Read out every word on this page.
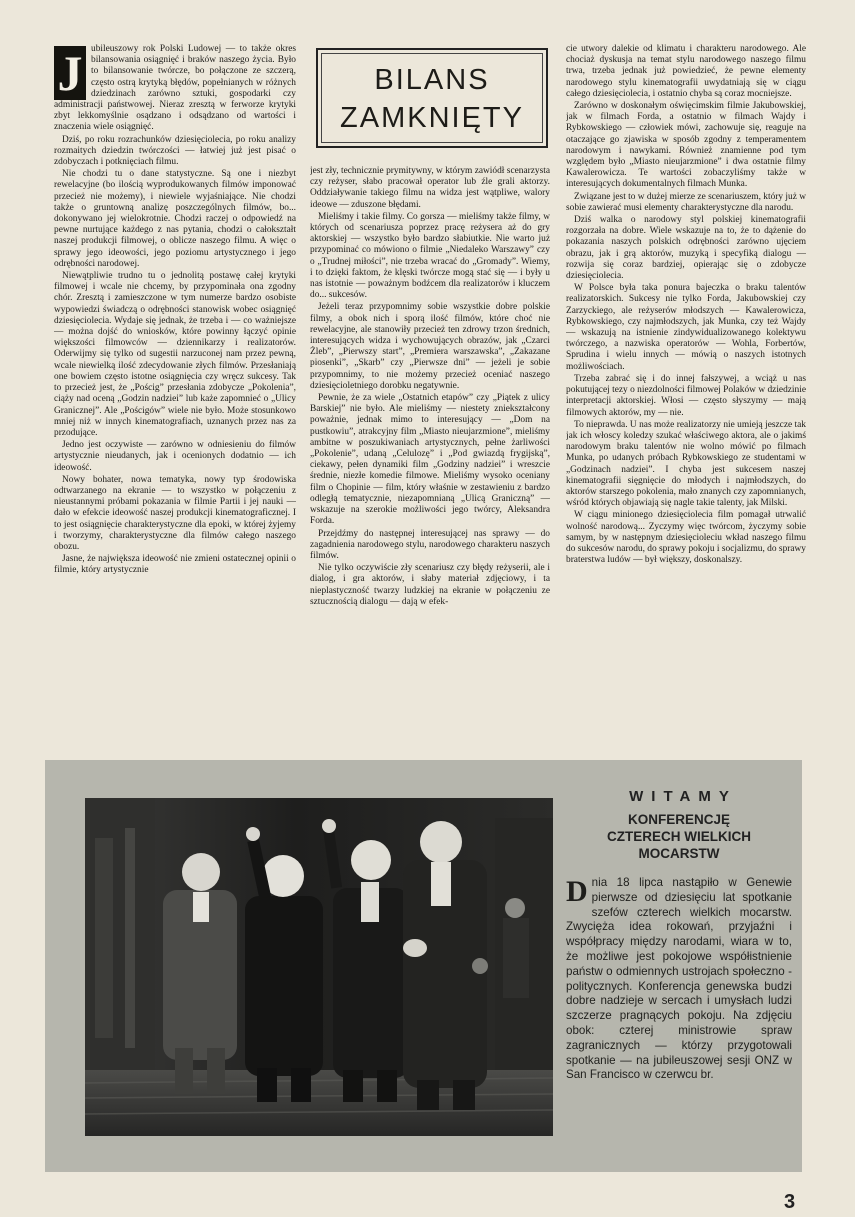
J ubileuszowy rok Polski Ludowej — to także okres bilansowania osiągnięć i braków naszego życia. Było to bilansowanie twórcze, bo połączone ze szczerą, często ostrą krytyką błędów, popełnianych w różnych dziedzinach zarówno sztuki, gospodarki czy administracji państwowej. Nieraz zresztą w ferworze krytyki zbyt lekkomyślnie osądzano i odsądzano od wartości i znaczenia wiele osiągnięć.

Dziś, po roku rozrachunków dziesięciolecia, po roku analizy rozmaitych dziedzin twórczości — łatwiej już jest pisać o zdobyczach i potknięciach filmu.

Nie chodzi tu o dane statystyczne. Są one i niezbyt rewelacyjne (bo ilością wyprodukowanych filmów imponować przecież nie możemy), i niewiele wyjaśniające. Nie chodzi także o gruntowną analizę poszczególnych filmów, bo... dokonywano jej wielokrotnie. Chodzi raczej o odpowiedź na pewne nurtujące każdego z nas pytania, chodzi o całokształt naszej produkcji filmowej, o oblicze naszego filmu. A więc o sprawy jego ideowości, jego poziomu artystycznego i jego odrębności narodowej.

Niewątpliwie trudno tu o jednolitą postawę całej krytyki filmowej i wcale nie chcemy, by przypominała ona zgodny chór. Zresztą i zamieszczone w tym numerze bardzo osobiste wypowiedzi świadczą o odrębności stanowisk wobec osiągnięć dziesięciolecia. Wydaje się jednak, że trzeba i — co ważniejsze — można dojść do wniosków, które powinny łączyć opinie większości filmowców — dziennikarzy i realizatorów. Oderwijmy się tylko od sugestii narzuconej nam przez pewną, wcale niewielką ilość zdecydowanie złych filmów. Przesłaniają one bowiem często istotne osiągnięcia czy wręcz sukcesy. Tak to przecież jest, że „Pościg” przesłania zdobycze „Pokolenia”, ciąży nad oceną „Godzin nadziei” lub każe zapomnieć o „Ulicy Granicznej”. Ale „Pościgów” wiele nie było. Może stosunkowo mniej niż w innych kinematografiach, uznanych przez nas za przodujące.

Jedno jest oczywiste — zarówno w odniesieniu do filmów artystycznie nieudanych, jak i ocenionych dodatnio — ich ideowość.

Nowy bohater, nowa tematyka, nowy typ środowiska odtwarzanego na ekranie — to wszystko w połączeniu z nieustannymi próbami pokazania w filmie Partii i jej nauki — dało w efekcie ideowość naszej produkcji kinematograficznej. I to jest osiągnięcie charakterystyczne dla epoki, w której żyjemy i tworzymy, charakterystyczne dla filmów całego naszego obozu.

Jasne, że największa ideowość nie zmieni ostatecznej opinii o filmie, który artystycznie

BILANS
ZAMKNIĘTY

jest zły, technicznie prymitywny, w którym zawiódł scenarzysta czy reżyser, słabo pracował operator lub źle grali aktorzy. Oddziaływanie takiego filmu na widza jest wątpliwe, walory ideowe — zduszone błędami.

Mieliśmy i takie filmy. Co gorsza — mieliśmy także filmy, w których od scenariusza poprzez pracę reżysera aż do gry aktorskiej — wszystko było bardzo słabiutkie. Nie warto już przypominać co mówiono o filmie „Niedaleko Warszawy” czy o „Trudnej miłości”, nie trzeba wracać do „Gromady”. Wiemy, i to dzięki faktom, że klęski twórcze mogą stać się — i były u nas istotnie — poważnym bodźcem dla realizatorów i kluczem do... sukcesów.

Jeżeli teraz przypomnimy sobie wszystkie dobre polskie filmy, a obok nich i sporą ilość filmów, które choć nie rewelacyjne, ale stanowiły przecież ten zdrowy trzon średnich, interesujących widza i wychowujących obrazów, jak „Czarci Żleb”, „Pierwszy start”, „Premiera warszawska”, „Zakazane piosenki”, „Skarb” czy „Pierwsze dni” — jeżeli je sobie przypomnimy, to nie możemy przecież oceniać naszego dziesięcioletniego dorobku negatywnie.

Pewnie, że za wiele „Ostatnich etapów” czy „Piątek z ulicy Barskiej” nie było. Ale mieliśmy — niestety zniekształcony poważnie, jednak mimo to interesujący — „Dom na pustkowiu”, atrakcyjny film „Miasto nieujarzmione”, mieliśmy ambitne w poszukiwaniach artystycznych, pełne żarliwości „Pokolenie”, udaną „Celulozę” i „Pod gwiazdą frygijską”, ciekawy, pełen dynamiki film „Godziny nadziei” i wreszcie średnie, niezłe komedie filmowe. Mieliśmy wysoko oceniany film o Chopinie — film, który właśnie w zestawieniu z bardzo odległą tematycznie, niezapomnianą „Ulicą Graniczną” — wskazuje na szerokie możliwości jego twórcy, Aleksandra Forda.

Przejdźmy do następnej interesującej nas sprawy — do zagadnienia narodowego stylu, narodowego charakteru naszych filmów.

Nie tylko oczywiście zły scenariusz czy błędy reżyserii, ale i dialog, i gra aktorów, i słaby materiał zdjęciowy, i ta nieplastyczność twarzy ludzkiej na ekranie w połączeniu ze sztucznością dialogu — dają w efek-

cie utwory dalekie od klimatu i charakteru narodowego. Ale chociaż dyskusja na temat stylu narodowego naszego filmu trwa, trzeba jednak już powiedzieć, że pewne elementy narodowego stylu kinematografii uwydatniają się w ciągu całego dziesięciolecia, i ostatnio chyba są coraz mocniejsze.

Zarówno w doskonałym oświęcimskim filmie Jakubowskiej, jak w filmach Forda, a ostatnio w filmach Wajdy i Rybkowskiego — człowiek mówi, zachowuje się, reaguje na otaczające go zjawiska w sposób zgodny z temperamentem narodowym i nawykami. Również znamienne pod tym względem było „Miasto nieujarzmione” i dwa ostatnie filmy Kawalerowicza. Te wartości zobaczyliśmy także w interesujących dokumentalnych filmach Munka.

Związane jest to w dużej mierze ze scenariuszem, który już w sobie zawierać musi elementy charakterystyczne dla narodu.

Dziś walka o narodowy styl polskiej kinematografii rozgorzała na dobre. Wiele wskazuje na to, że to dążenie do pokazania naszych polskich odrębności zarówno ujęciem obrazu, jak i grą aktorów, muzyką i specyfiką dialogu — rozwija się coraz bardziej, opierając się o zdobycze dziesięciolecia.

W Polsce była taka ponura bajeczka o braku talentów realizatorskich. Sukcesy nie tylko Forda, Jakubowskiej czy Zarzyckiego, ale reżyserów młodszych — Kawalerowicza, Rybkowskiego, czy najmłodszych, jak Munka, czy też Wajdy — wskazują na istnienie zindywidualizowanego kolektywu twórczego, a nazwiska operatorów — Wohla, Forbertów, Sprudina i wielu innych — mówią o naszych istotnych możliwościach.

Trzeba zabrać się i do innej fałszywej, a wciąż u nas pokutującej tezy o niezdolności filmowej Polaków w dziedzinie interpretacji aktorskiej. Włosi — często słyszymy — mają filmowych aktorów, my — nie.

To nieprawda. U nas może realizatorzy nie umieją jeszcze tak jak ich włoscy koledzy szukać właściwego aktora, ale o jakimś narodowym braku talentów nie wolno mówić po filmach Munka, po udanych próbach Rybkowskiego ze studentami w „Godzinach nadziei”. I chyba jest sukcesem naszej kinematografii sięgnięcie do młodych i najmłodszych, do aktorów starszego pokolenia, mało znanych czy zapomnianych, wśród których objawiają się nagle takie talenty, jak Milski.

W ciągu minionego dziesięciolecia film pomagał utrwalić wolność narodową... Zyczymy więc twórcom, życzymy sobie samym, by w następnym dziesięcioleciu wkład naszego filmu do sukcesów narodu, do sprawy pokoju i socjalizmu, do sprawy braterstwa ludów — był większy, doskonalszy.

WITAMY
KONFERENCJĘ
CZTERECH WIELKICH
MOCARSTW
Dnia 18 lipca nastąpiło w Genewie pierwsze od dziesięciu lat spotkanie szefów czterech wielkich mocarstw. Zwycięża idea rokowań, przyjaźni i współpracy między narodami, wiara w to, że możliwe jest pokojowe współistnienie państw o odmiennych ustrojach społeczno - politycznych. Konferencja genewska budzi dobre nadzieje w sercach i umysłach ludzi szczerze pragnących pokoju. Na zdjęciu obok: czterej ministrowie spraw zagranicznych — którzy przygotowali spotkanie — na jubileuszowej sesji ONZ w San Francisco w czerwcu br.
3
